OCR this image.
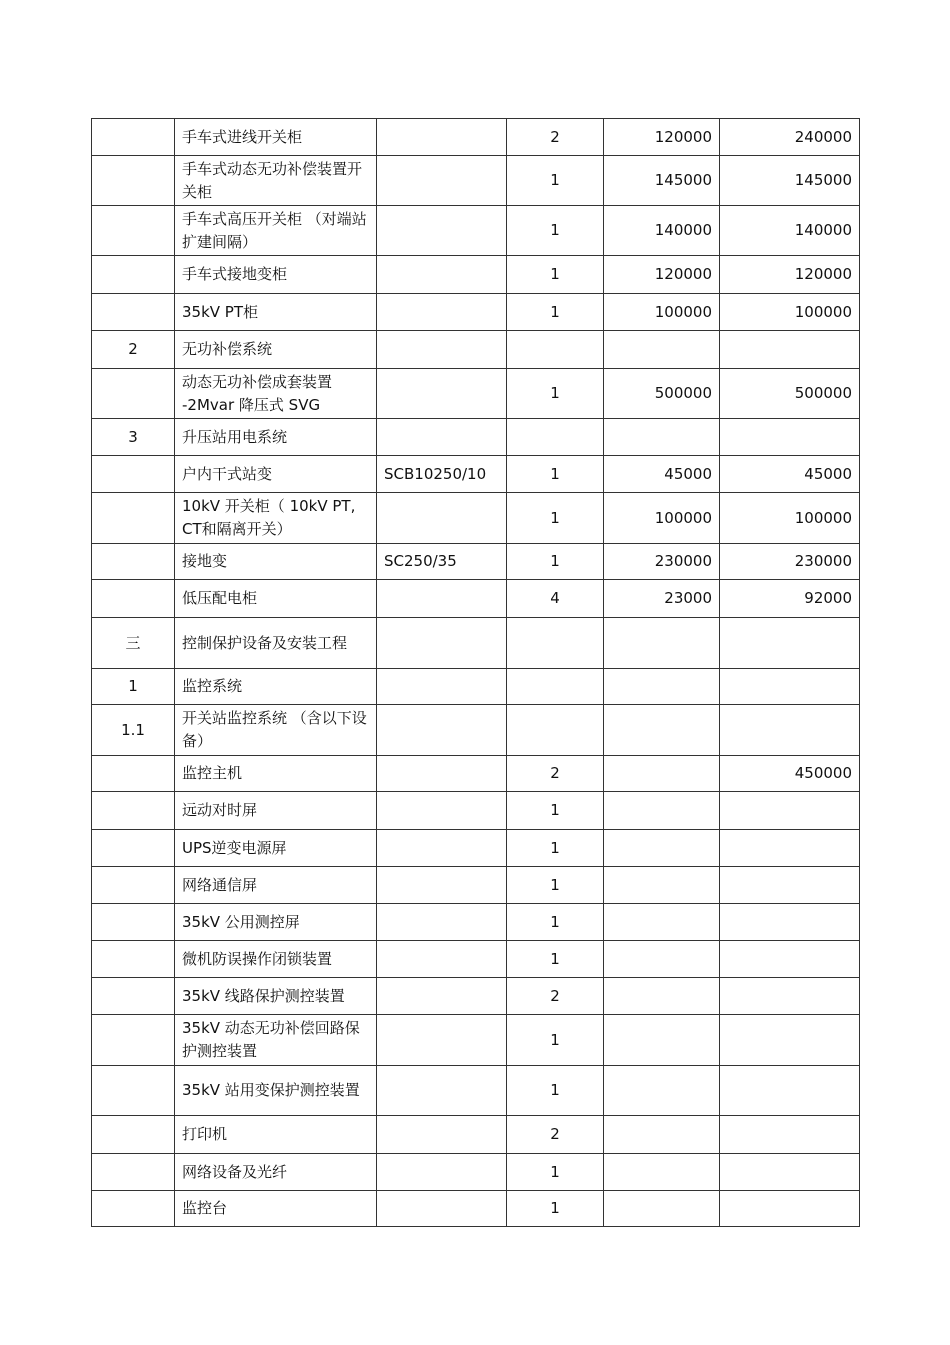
	手车式进线开关柜		2	120000	240000
	手车式动态无功补偿装置开关柜		1	145000	145000
	手车式高压开关柜 （对端站扩建间隔）		1	140000	140000
	手车式接地变柜		1	120000	120000
	35kV PT柜		1	100000	100000
2	无功补偿系统				
	动态无功补偿成套装置 -2Mvar 降压式 SVG		1	500000	500000
3	升压站用电系统				
	户内干式站变	SCB10250/10	1	45000	45000
	10kV 开关柜（ 10kV PT, CT和隔离开关）		1	100000	100000
	接地变	SC250/35	1	230000	230000
	低压配电柜		4	23000	92000
三	控制保护设备及安装工程				
1	监控系统				
1.1	开关站监控系统 （含以下设备）				
	监控主机		2		450000
	远动对时屏		1		
	UPS逆变电源屏		1		
	网络通信屏		1		
	35kV 公用测控屏		1		
	微机防误操作闭锁装置		1		
	35kV 线路保护测控装置		2		
	35kV 动态无功补偿回路保护测控装置		1		
	35kV 站用变保护测控装置		1		
	打印机		2		
	网络设备及光纤		1		
	监控台		1		
